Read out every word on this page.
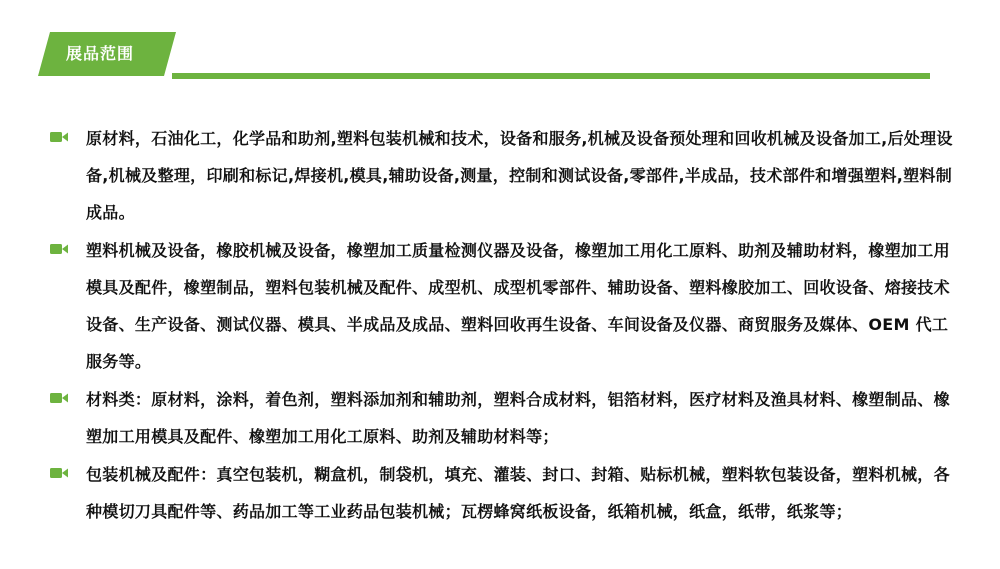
展品范围
原材料，石油化工，化学品和助剂,塑料包装机械和技术，设备和服务,机械及设备预处理和回收机械及设备加工,后处理设备,机械及整理，印刷和标记,焊接机,模具,辅助设备,测量，控制和测试设备,零部件,半成品，技术部件和增强塑料,塑料制成品。
塑料机械及设备，橡胶机械及设备，橡塑加工质量检测仪器及设备，橡塑加工用化工原料、助剂及辅助材料，橡塑加工用模具及配件，橡塑制品，塑料包装机械及配件、成型机、成型机零部件、辅助设备、塑料橡胶加工、回收设备、熔接技术设备、生产设备、测试仪器、模具、半成品及成品、塑料回收再生设备、车间设备及仪器、商贸服务及媒体、OEM 代工服务等。
材料类：原材料，涂料，着色剂，塑料添加剂和辅助剂，塑料合成材料，铝箔材料，医疗材料及渔具材料、橡塑制品、橡塑加工用模具及配件、橡塑加工用化工原料、助剂及辅助材料等；
包装机械及配件：真空包装机，糊盒机，制袋机，填充、灌装、封口、封箱、贴标机械，塑料软包装设备，塑料机械，各种模切刀具配件等、药品加工等工业药品包装机械；瓦楞蜂窝纸板设备，纸箱机械，纸盒，纸带，纸浆等；
